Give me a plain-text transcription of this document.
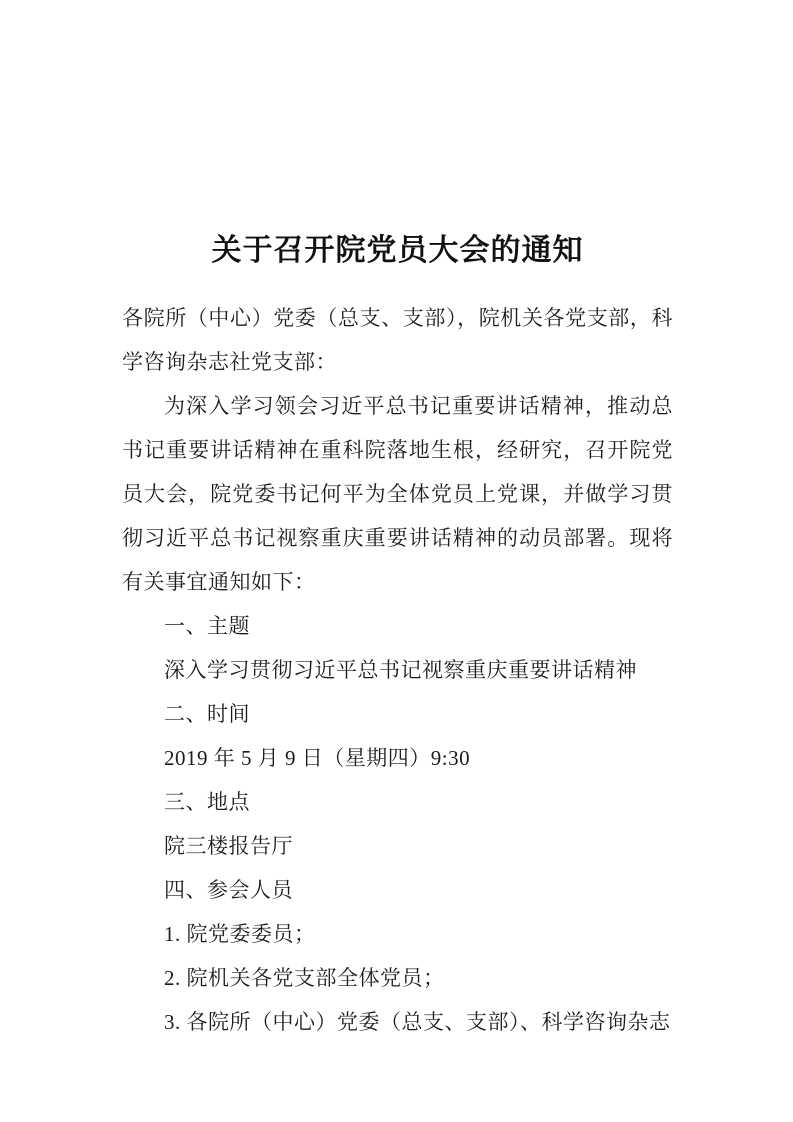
关于召开院党员大会的通知

各院所（中心）党委（总支、支部），院机关各党支部，科学咨询杂志社党支部：

为深入学习领会习近平总书记重要讲话精神，推动总书记重要讲话精神在重科院落地生根，经研究，召开院党员大会，院党委书记何平为全体党员上党课，并做学习贯彻习近平总书记视察重庆重要讲话精神的动员部署。现将有关事宜通知如下：

一、主题

深入学习贯彻习近平总书记视察重庆重要讲话精神

二、时间

2019 年 5 月 9 日（星期四）9:30

三、地点

院三楼报告厅

四、参会人员

1. 院党委委员；

2. 院机关各党支部全体党员；

3. 各院所（中心）党委（总支、支部）、科学咨询杂志
